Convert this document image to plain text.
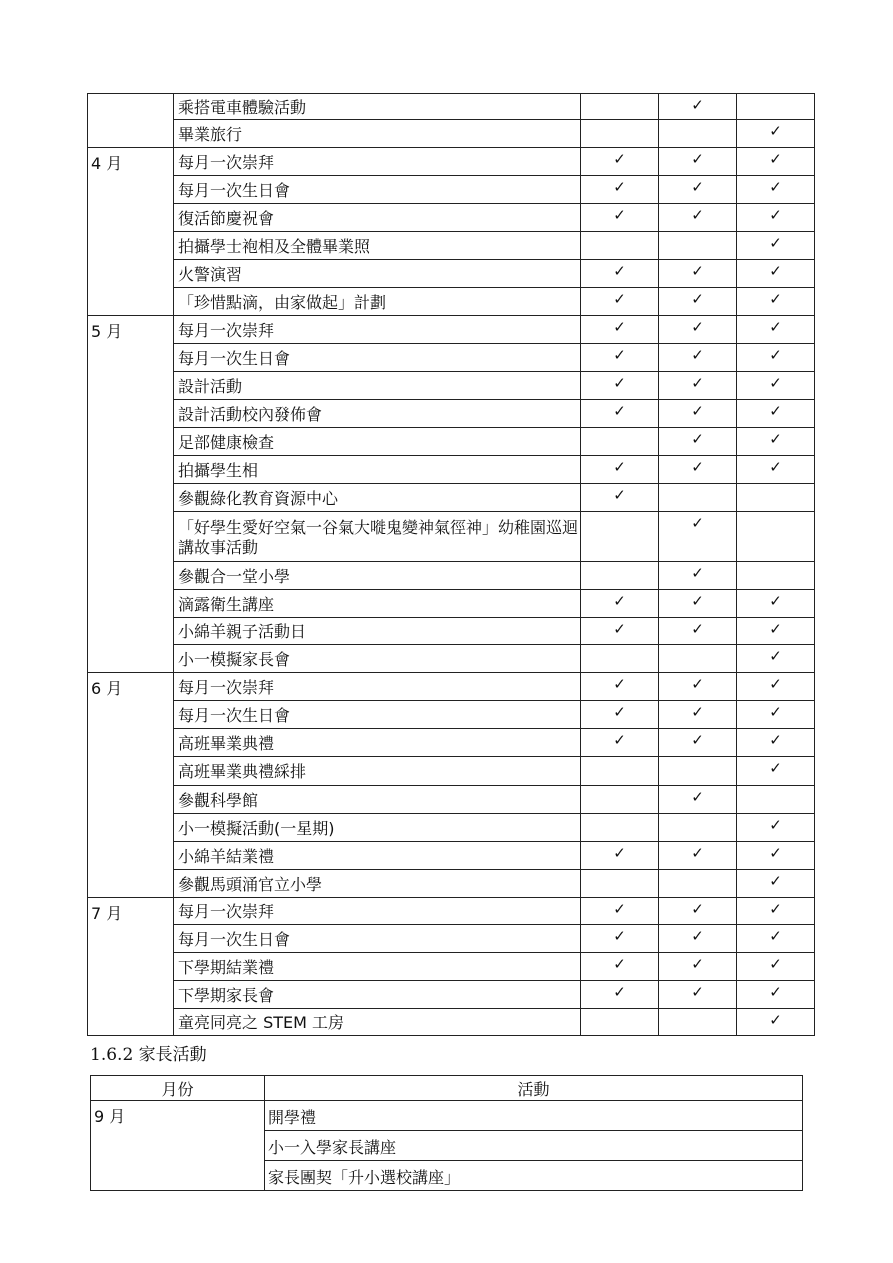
	乘搭電車體驗活動		✓	
	畢業旅行			✓
4 月	每月一次崇拜	✓	✓	✓
	每月一次生日會	✓	✓	✓
	復活節慶祝會	✓	✓	✓
	拍攝學士袍相及全體畢業照			✓
	火警演習	✓	✓	✓
	「珍惜點滴，由家做起」計劃	✓	✓	✓
5 月	每月一次崇拜	✓	✓	✓
	每月一次生日會	✓	✓	✓
	設計活動	✓	✓	✓
	設計活動校內發佈會	✓	✓	✓
	足部健康檢查		✓	✓
	拍攝學生相	✓	✓	✓
	參觀綠化教育資源中心	✓		
	「好學生愛好空氣一谷氣大嘥鬼變神氣徑神」幼稚園巡迴講故事活動		✓	
	參觀合一堂小學		✓	
	滴露衛生講座	✓	✓	✓
	小綿羊親子活動日	✓	✓	✓
	小一模擬家長會			✓
6 月	每月一次崇拜	✓	✓	✓
	每月一次生日會	✓	✓	✓
	高班畢業典禮	✓	✓	✓
	高班畢業典禮綵排			✓
	參觀科學館		✓	
	小一模擬活動(一星期)			✓
	小綿羊結業禮	✓	✓	✓
	參觀馬頭涌官立小學			✓
7 月	每月一次崇拜	✓	✓	✓
	每月一次生日會	✓	✓	✓
	下學期結業禮	✓	✓	✓
	下學期家長會	✓	✓	✓
	童亮同亮之 STEM 工房			✓
1.6.2 家長活動
月份	活動
9 月	開學禮
	小一入學家長講座
	家長團契「升小選校講座」
